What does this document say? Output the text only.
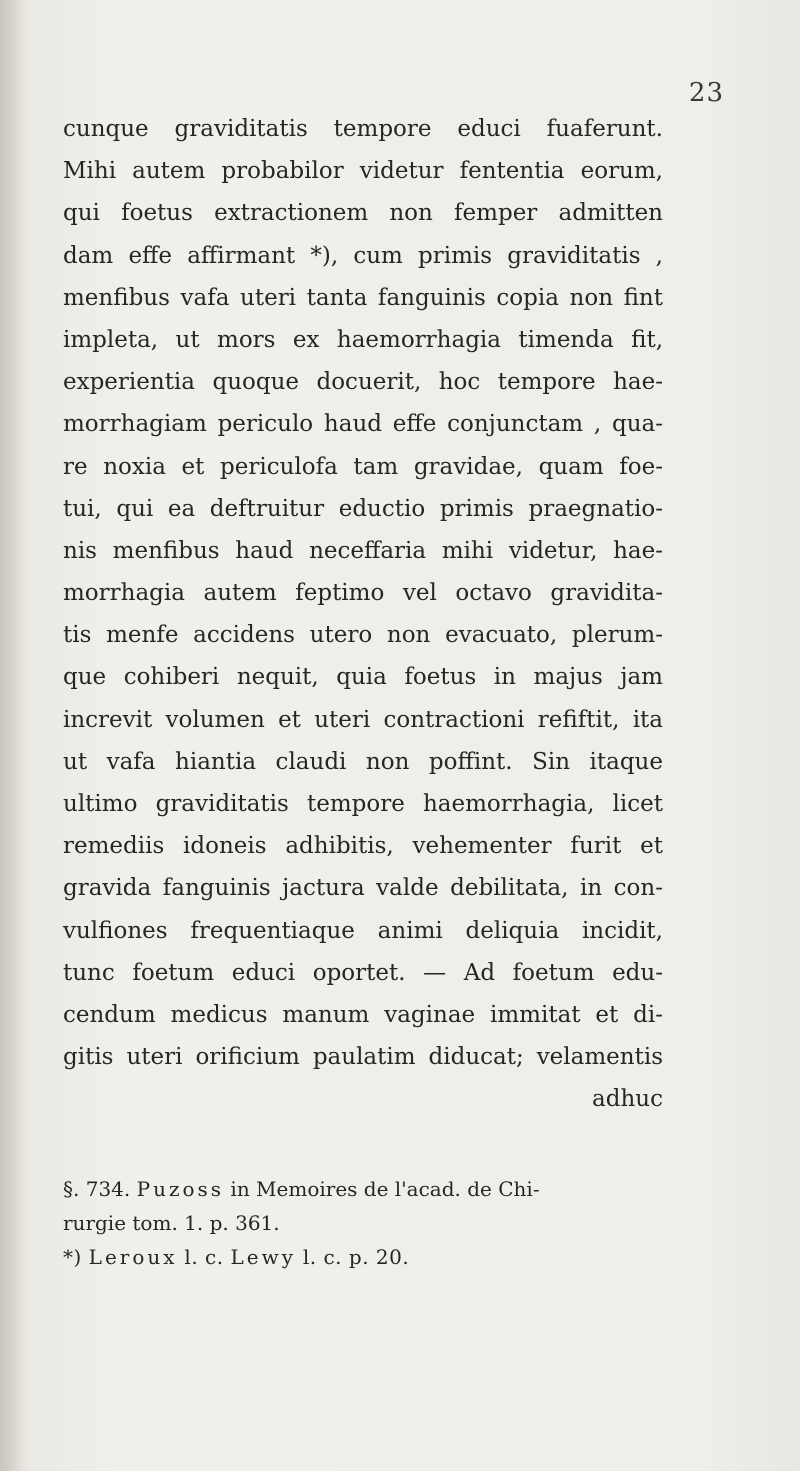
23
cunque graviditatis tempore educi fuaferunt.
Mihi autem probabilor videtur fententia eorum,
qui foetus extractionem non femper admitten
dam effe affirmant *), cum primis graviditatis ,
menfibus vafa uteri tanta fanguinis copia non fint
impleta, ut mors ex haemorrhagia timenda fit,
experientia quoque docuerit, hoc tempore hae-
morrhagiam periculo haud effe conjunctam , qua-
re noxia et periculofa tam gravidae, quam foe-
tui, qui ea deftruitur eductio primis praegnatio-
nis menfibus haud neceffaria mihi videtur, hae-
morrhagia autem feptimo vel octavo gravidita-
tis menfe accidens utero non evacuato, plerum-
que cohiberi nequit, quia foetus in majus jam
increvit volumen et uteri contractioni refiftit, ita
ut vafa hiantia claudi non poffint. Sin itaque
ultimo graviditatis tempore haemorrhagia, licet
remediis idoneis adhibitis, vehementer furit et
gravida fanguinis jactura valde debilitata, in con-
vulfiones frequentiaque animi deliquia incidit,
tunc foetum educi oportet. — Ad foetum edu-
cendum medicus manum vaginae immitat et di-
gitis uteri orificium paulatim diducat; velamentis
adhuc
§. 734. Puzoss in Memoires de l'acad. de Chi-
rurgie tom. 1. p. 361.
*) Leroux l. c. Lewy l. c. p. 20.
